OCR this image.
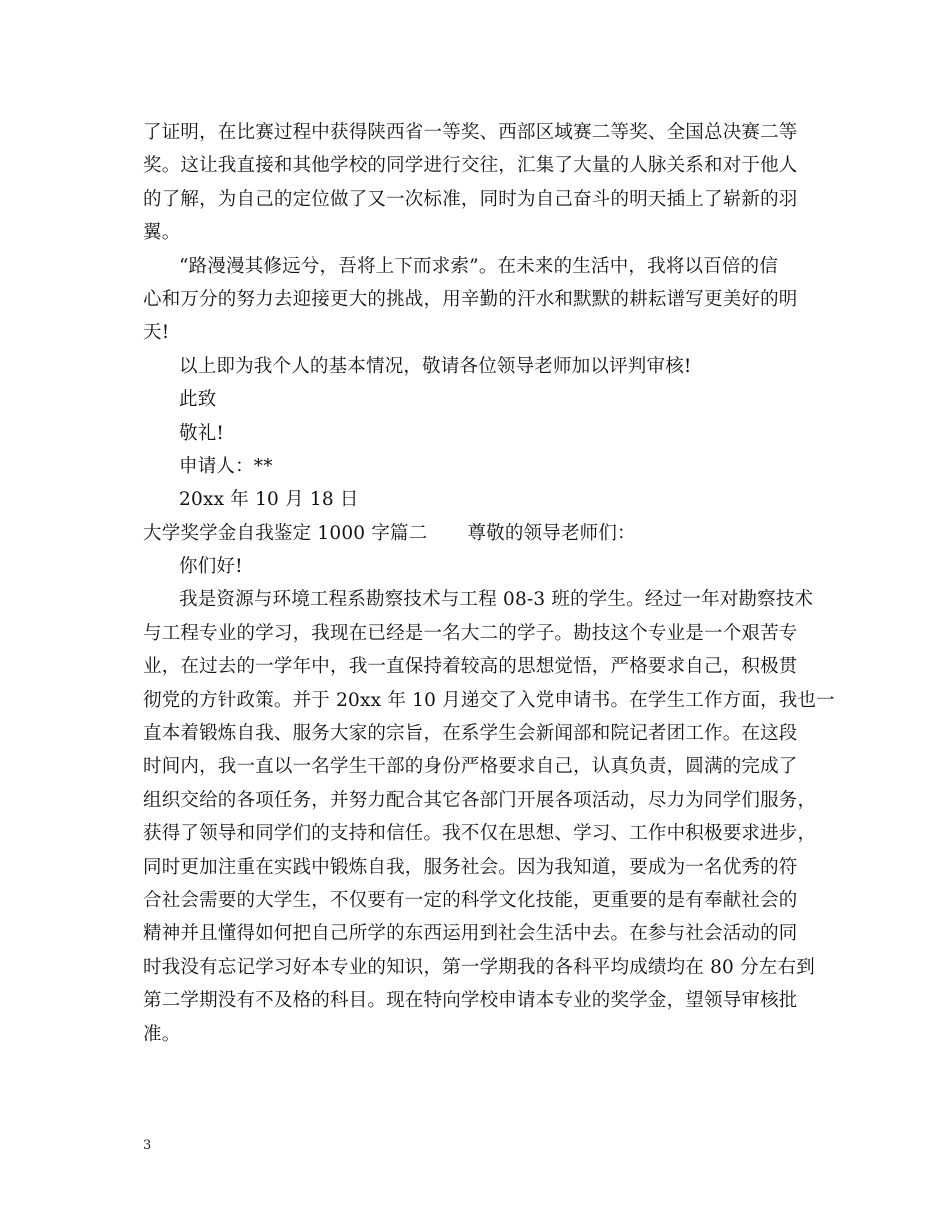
了证明，在比赛过程中获得陕西省一等奖、西部区域赛二等奖、全国总决赛二等
奖。这让我直接和其他学校的同学进行交往，汇集了大量的人脉关系和对于他人
的了解，为自己的定位做了又一次标准，同时为自己奋斗的明天插上了崭新的羽
翼。
“路漫漫其修远兮，吾将上下而求索”。在未来的生活中，我将以百倍的信
心和万分的努力去迎接更大的挑战，用辛勤的汗水和默默的耕耘谱写更美好的明
天!
以上即为我个人的基本情况，敬请各位领导老师加以评判审核!
此致
敬礼!
申请人：**
20xx 年 10 月 18 日
大学奖学金自我鉴定 1000 字篇二 尊敬的领导老师们：
你们好!
我是资源与环境工程系勘察技术与工程 08-3 班的学生。经过一年对勘察技术
与工程专业的学习，我现在已经是一名大二的学子。勘技这个专业是一个艰苦专
业，在过去的一学年中，我一直保持着较高的思想觉悟，严格要求自己，积极贯
彻党的方针政策。并于 20xx 年 10 月递交了入党申请书。在学生工作方面，我也一
直本着锻炼自我、服务大家的宗旨，在系学生会新闻部和院记者团工作。在这段
时间内，我一直以一名学生干部的身份严格要求自己，认真负责，圆满的完成了
组织交给的各项任务，并努力配合其它各部门开展各项活动，尽力为同学们服务，
获得了领导和同学们的支持和信任。我不仅在思想、学习、工作中积极要求进步，
同时更加注重在实践中锻炼自我，服务社会。因为我知道，要成为一名优秀的符
合社会需要的大学生，不仅要有一定的科学文化技能，更重要的是有奉献社会的
精神并且懂得如何把自己所学的东西运用到社会生活中去。在参与社会活动的同
时我没有忘记学习好本专业的知识，第一学期我的各科平均成绩均在 80 分左右到
第二学期没有不及格的科目。现在特向学校申请本专业的奖学金，望领导审核批
准。
3
